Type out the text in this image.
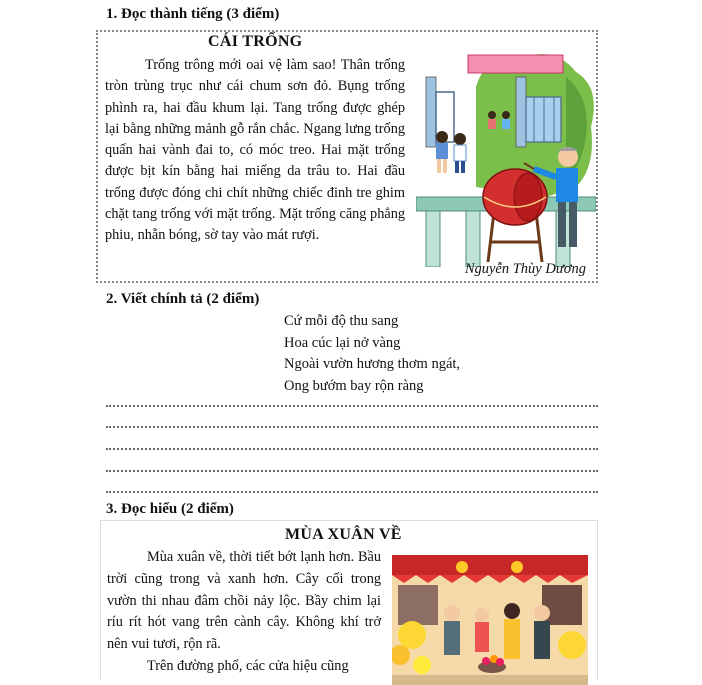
1. Đọc thành tiếng (3 điểm)
CÁI TRỐNG

Trống trông mới oai vệ làm sao! Thân trống tròn trùng trục như cái chum sơn đỏ. Bụng trống phình ra, hai đầu khum lại. Tang trống được ghép lại bằng những mảnh gỗ rắn chắc. Ngang lưng trống quấn hai vành đai to, có móc treo. Hai mặt trống được bịt kín bằng hai miếng da trâu to. Hai đầu trống được đóng chi chít những chiếc đinh tre ghim chặt tang trống với mặt trống. Mặt trống căng phẳng phiu, nhẵn bóng, sờ tay vào mát rượi.

Nguyễn Thùy Dương
2. Viết chính tả (2 điểm)
Cứ mỗi độ thu sang
Hoa cúc lại nở vàng
Ngoài vườn hương thơm ngát,
Ong bướm bay rộn ràng
3. Đọc hiểu (2 điểm)
MÙA XUÂN VỀ

Mùa xuân về, thời tiết bớt lạnh hơn. Bầu trời cũng trong và xanh hơn. Cây cối trong vườn thi nhau đâm chồi nảy lộc. Bầy chim lại ríu rít hót vang trên cành cây. Không khí trở nên vui tươi, rộn rã.
Trên đường phố, các cửa hiệu cũng
